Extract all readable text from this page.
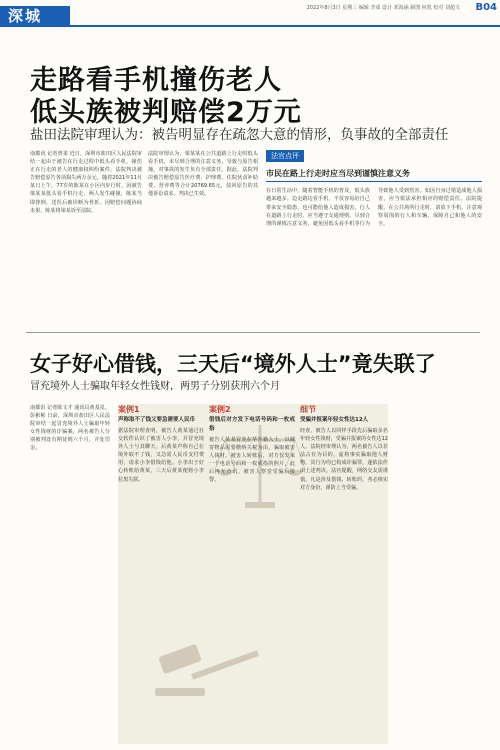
深城	2022年8月3日 星期三 编辑 李成 设计 邓海涵 制图 何凯 校对 刘超文 B04
走路看手机撞伤老人
低头族被判赔偿2万元
盐田法院审理认为：被告明显存在疏忽大意的情形，负事故的全部责任
南都讯 记者曾柔 近日，深圳市盐田区人民法院审结一起由于被告在行走过程中低头看手机，撞伤正在行走的老人的健康权纠纷案件。法院判决被告赔偿原告各项损失两万余元。随着2021年11月某日上午，77岁的陈某在小区内步行时，因被告梁某某低头看手机行走，两人发生碰撞，陈某当即摔倒，送医后被诊断为骨折。因赔偿问题协商未果，陈某将梁某诉至法院。
法院审理认为，梁某某在公共道路上行走时低头看手机，未尽到合理的注意义务，导致与原告相撞，对事故的发生负有全部责任。据此，法院判决被告赔偿原告医疗费、护理费、住院伙食补助费、营养费等合计20769.65元，驳回原告的其他诉讼请求。判决已生效。
法官点评
市民在路上行走时应当尽到谨慎注意义务
在日常生活中，随着智能手机的普及，低头族越来越多。边走路边看手机，不仅容易给自己带来安全隐患，也可能给他人造成损害。行人在道路上行走时，应当遵守交通规则，尽到合理的谨慎注意义务，避免因低头看手机等行为导致他人受到伤害。如因自身过错造成他人损害，应当依法承担相应的赔偿责任。法院提醒，在公共场所行走时，请放下手机，注意观察周围的行人和车辆，保障自己和他人的安全。
女子好心借钱，三天后“境外人士”竟失联了
冒充境外人士骗取年轻女性钱财，两男子分别获刑六个月
南都讯 记者陈文才 通讯员黄基星、彭彬彬 日前，深圳市盐田区人民法院审结一起冒充境外人士骗取年轻女性钱财的诈骗案，两名被告人分别被判处有期徒刑六个月，并处罚金。
案例1
声称取不了钱又要急需要人民币
据法院审理查明，被告人黄某通过社交软件认识了被害人小李，并冒充境外人士与其聊天。后黄某声称自己在境外取不了钱，又急需人民币支付费用，请求小李借钱给他。小李出于好心转账给黄某，三天后黄某便将小李拉黑失联。
案例2
借钱后对方发下电话号码和一枚戒指
被告人某某冒充在华外籍人士，以邮寄物品需要缴纳关税为由，骗取被害人钱财。被害人转账后，对方仅发来一个电话号码和一枚戒指的照片，此后再无音讯。被害人察觉受骗后报警。
细节
受骗并报案年轻女性达12人
经查，被告人以同样手段先后骗取多名年轻女性钱财，受骗并报案的女性达12人。法院经审理认为，两名被告人以非法占有为目的，虚构事实骗取他人财物，其行为均已构成诈骗罪，遂依法作出上述判决。法官提醒，网络交友需谨慎，凡是涉及借钱、转账的，务必核实对方身份，谨防上当受骗。
